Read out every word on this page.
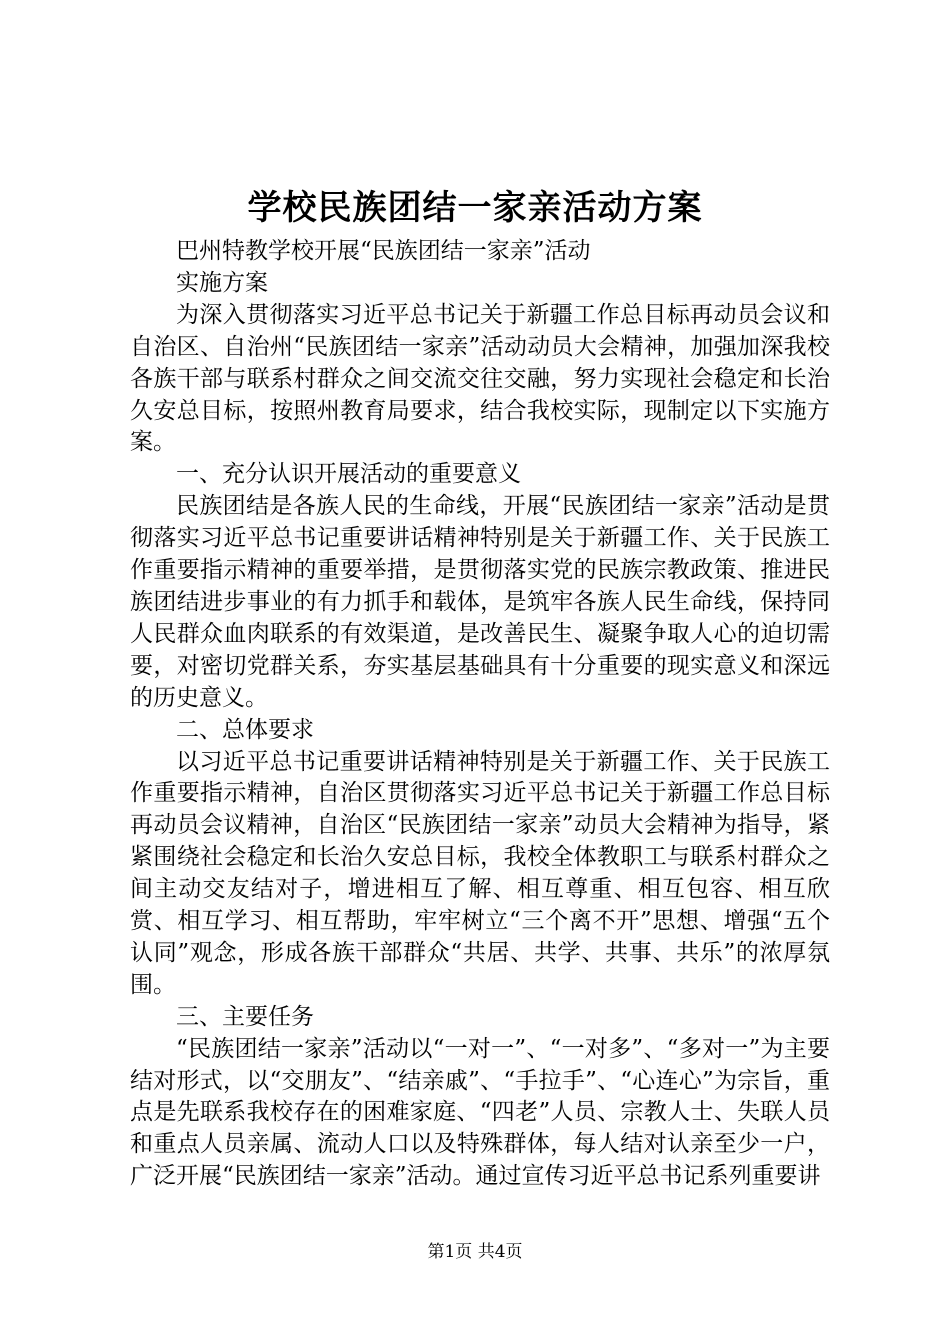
学校民族团结一家亲活动方案

巴州特教学校开展“民族团结一家亲”活动

实施方案

为深入贯彻落实习近平总书记关于新疆工作总目标再动员会议和自治区、自治州“民族团结一家亲”活动动员大会精神，加强加深我校各族干部与联系村群众之间交流交往交融，努力实现社会稳定和长治久安总目标，按照州教育局要求，结合我校实际，现制定以下实施方案。

一、充分认识开展活动的重要意义

民族团结是各族人民的生命线，开展“民族团结一家亲”活动是贯彻落实习近平总书记重要讲话精神特别是关于新疆工作、关于民族工作重要指示精神的重要举措，是贯彻落实党的民族宗教政策、推进民族团结进步事业的有力抓手和载体，是筑牢各族人民生命线，保持同人民群众血肉联系的有效渠道，是改善民生、凝聚争取人心的迫切需要，对密切党群关系，夯实基层基础具有十分重要的现实意义和深远的历史意义。

二、总体要求

以习近平总书记重要讲话精神特别是关于新疆工作、关于民族工作重要指示精神，自治区贯彻落实习近平总书记关于新疆工作总目标再动员会议精神，自治区“民族团结一家亲”动员大会精神为指导，紧紧围绕社会稳定和长治久安总目标，我校全体教职工与联系村群众之间主动交友结对子，增进相互了解、相互尊重、相互包容、相互欣赏、相互学习、相互帮助，牢牢树立“三个离不开”思想、增强“五个认同”观念，形成各族干部群众“共居、共学、共事、共乐”的浓厚氛围。

三、主要任务

“民族团结一家亲”活动以“一对一”、“一对多”、“多对一”为主要结对形式，以“交朋友”、“结亲戚”、“手拉手”、“心连心”为宗旨，重点是先联系我校存在的困难家庭、“四老”人员、宗教人士、失联人员和重点人员亲属、流动人口以及特殊群体，每人结对认亲至少一户，广泛开展“民族团结一家亲”活动。通过宣传习近平总书记系列重要讲

第1页 共4页
